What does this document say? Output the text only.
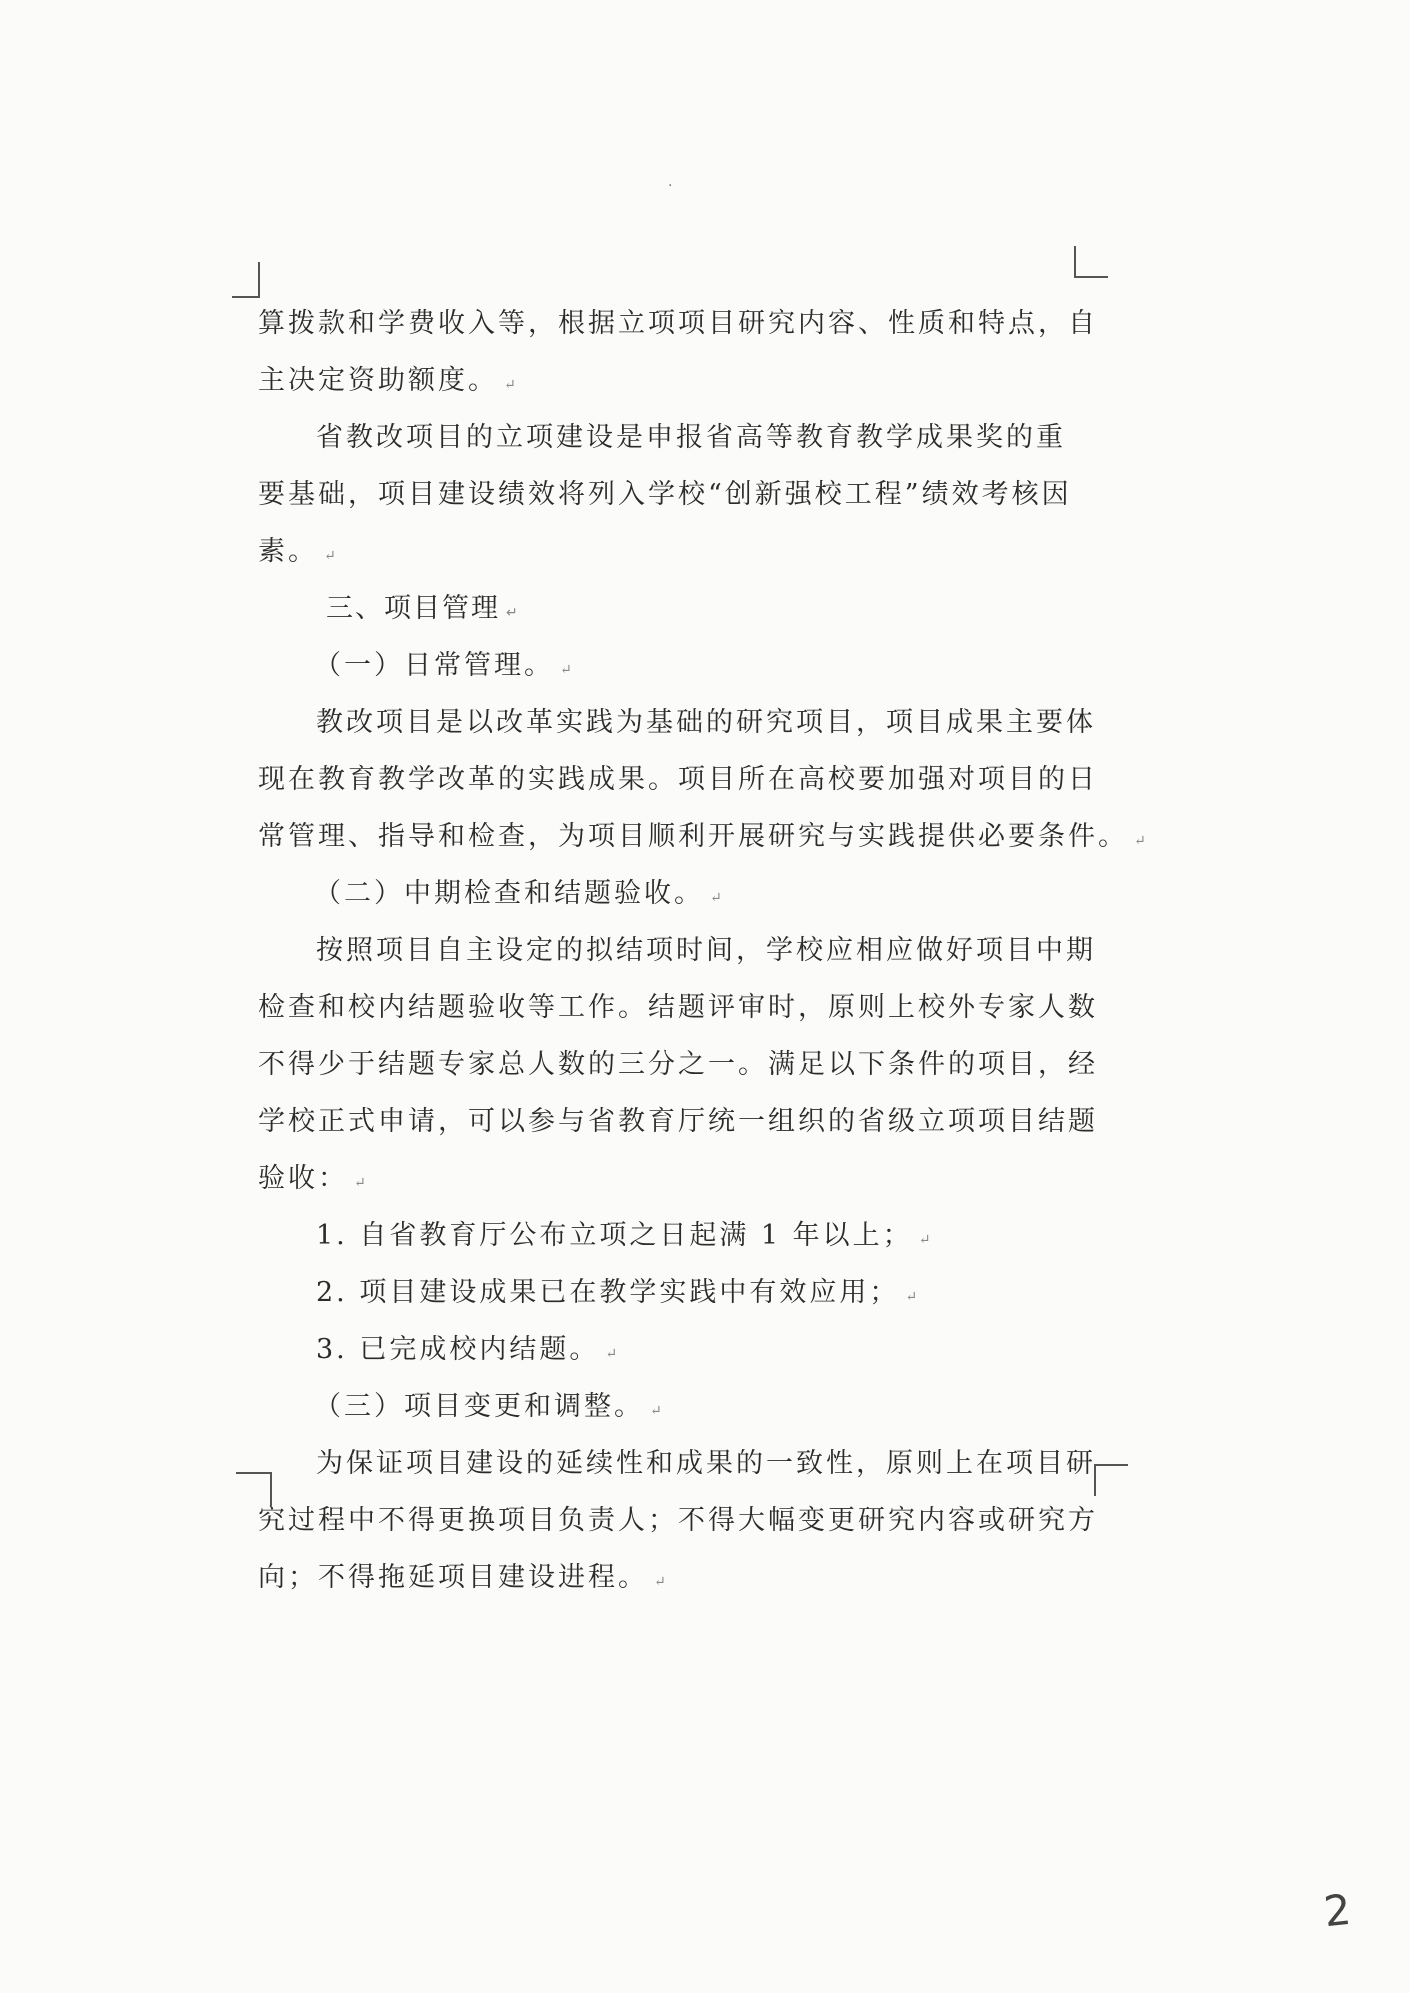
·
算拨款和学费收入等，根据立项项目研究内容、性质和特点，自
主决定资助额度。 ↵
省教改项目的立项建设是申报省高等教育教学成果奖的重
要基础，项目建设绩效将列入学校“创新强校工程”绩效考核因
素。 ↵
三、项目管理 ↵
（一）日常管理。 ↵
教改项目是以改革实践为基础的研究项目，项目成果主要体
现在教育教学改革的实践成果。项目所在高校要加强对项目的日
常管理、指导和检查，为项目顺利开展研究与实践提供必要条件。 ↵
（二）中期检查和结题验收。 ↵
按照项目自主设定的拟结项时间，学校应相应做好项目中期
检查和校内结题验收等工作。结题评审时，原则上校外专家人数
不得少于结题专家总人数的三分之一。满足以下条件的项目，经
学校正式申请，可以参与省教育厅统一组织的省级立项项目结题
验收： ↵
1. 自省教育厅公布立项之日起满 1 年以上； ↵
2. 项目建设成果已在教学实践中有效应用； ↵
3. 已完成校内结题。 ↵
（三）项目变更和调整。 ↵
为保证项目建设的延续性和成果的一致性，原则上在项目研
究过程中不得更换项目负责人；不得大幅变更研究内容或研究方
向；不得拖延项目建设进程。 ↵
2
